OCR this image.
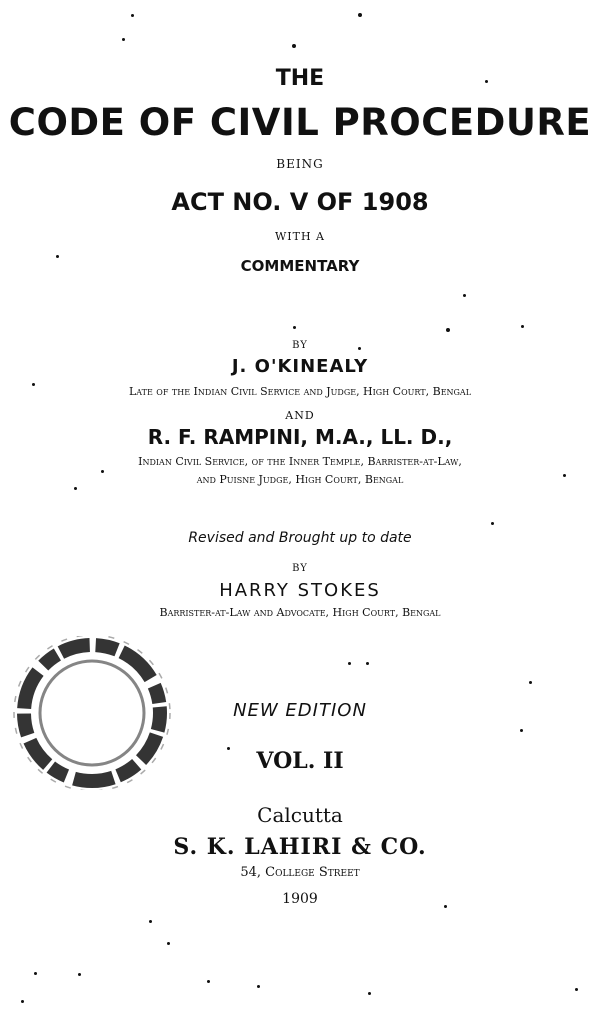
THE
CODE OF CIVIL PROCEDURE
BEING
ACT NO. V OF 1908
WITH A
COMMENTARY
BY
J. O'KINEALY
Late of the Indian Civil Service and Judge, High Court, Bengal
AND
R. F. RAMPINI, M.A., LL. D.,
Indian Civil Service, of the Inner Temple, Barrister-at-Law,
and Puisne Judge, High Court, Bengal
Revised and Brought up to date
BY
HARRY STOKES
Barrister-at-Law and Advocate, High Court, Bengal
NEW EDITION
VOL. II
Calcutta
S. K. LAHIRI & CO.
54, College Street
1909
